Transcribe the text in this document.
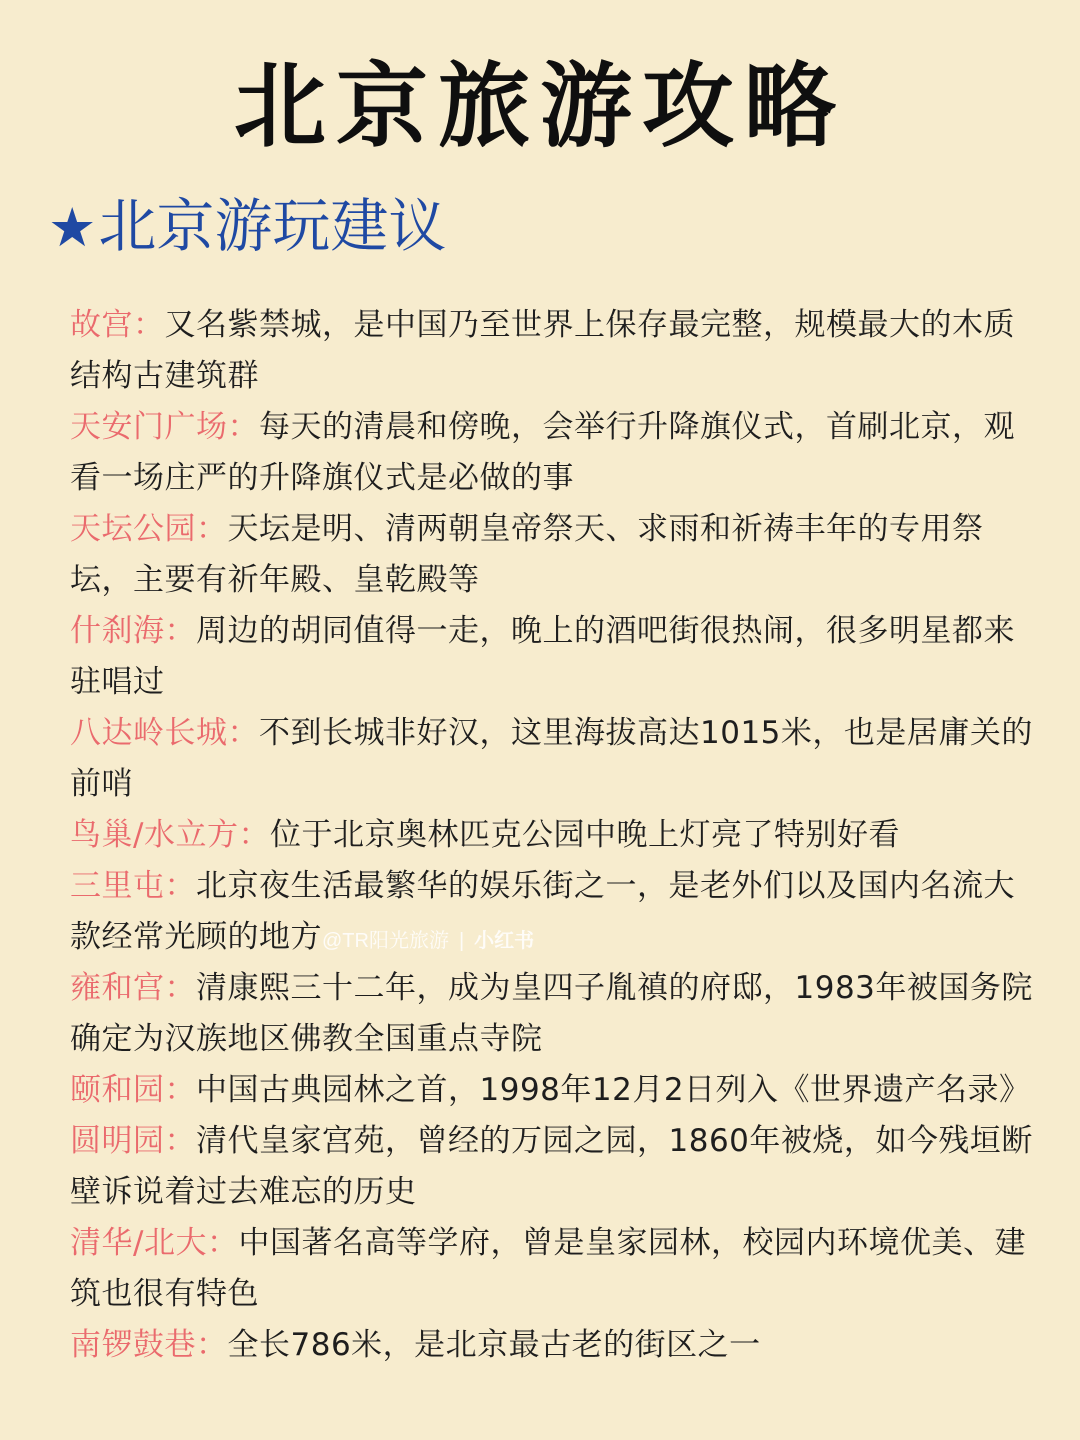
北京旅游攻略
★北京游玩建议
故宫：又名紫禁城，是中国乃至世界上保存最完整，规模最大的木质结构古建筑群
天安门广场：每天的清晨和傍晚，会举行升降旗仪式，首刷北京，观看一场庄严的升降旗仪式是必做的事
天坛公园：天坛是明、清两朝皇帝祭天、求雨和祈祷丰年的专用祭坛，主要有祈年殿、皇乾殿等
什刹海：周边的胡同值得一走，晚上的酒吧街很热闹，很多明星都来驻唱过
八达岭长城：不到长城非好汉，这里海拔高达1015米，也是居庸关的前哨
鸟巢/水立方：位于北京奥林匹克公园中晚上灯亮了特别好看
三里屯：北京夜生活最繁华的娱乐街之一，是老外们以及国内名流大款经常光顾的地方
雍和宫：清康熙三十二年，成为皇四子胤禛的府邸，1983年被国务院确定为汉族地区佛教全国重点寺院
颐和园：中国古典园林之首，1998年12月2日列入《世界遗产名录》
圆明园：清代皇家宫苑，曾经的万园之园，1860年被烧，如今残垣断壁诉说着过去难忘的历史
清华/北大：中国著名高等学府，曾是皇家园林，校园内环境优美、建筑也很有特色
南锣鼓巷：全长786米，是北京最古老的街区之一
@TR阳光旅游 | 小红书
